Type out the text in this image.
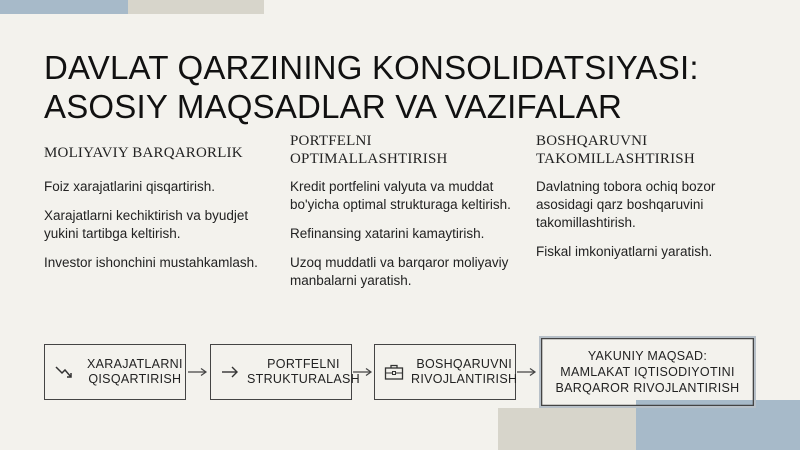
DAVLAT QARZINING KONSOLIDATSIYASI:
ASOSIY MAQSADLAR VA VAZIFALAR
MOLIYAVIY BARQARORLIK
Foiz xarajatlarini qisqartirish.
Xarajatlarni kechiktirish va byudjet yukini tartibga keltirish.
Investor ishonchini mustahkamlash.
PORTFELNI
OPTIMALLASHTIRISH
Kredit portfelini valyuta va muddat bo'yicha optimal strukturaga keltirish.
Refinansing xatarini kamaytirish.
Uzoq muddatli va barqaror moliyaviy manbalarni yaratish.
BOSHQARUVNI
TAKOMILLASHTIRISH
Davlatning tobora ochiq bozor asosidagi qarz boshqaruvini takomillashtirish.
Fiskal imkoniyatlarni yaratish.
XARAJATLARNI
QISQARTIRISH
PORTFELNI
STRUKTURALASH
BOSHQARUVNI
RIVOJLANTIRISH
YAKUNIY MAQSAD:
MAMLAKAT IQTISODIYOTINI
BARQAROR RIVOJLANTIRISH
